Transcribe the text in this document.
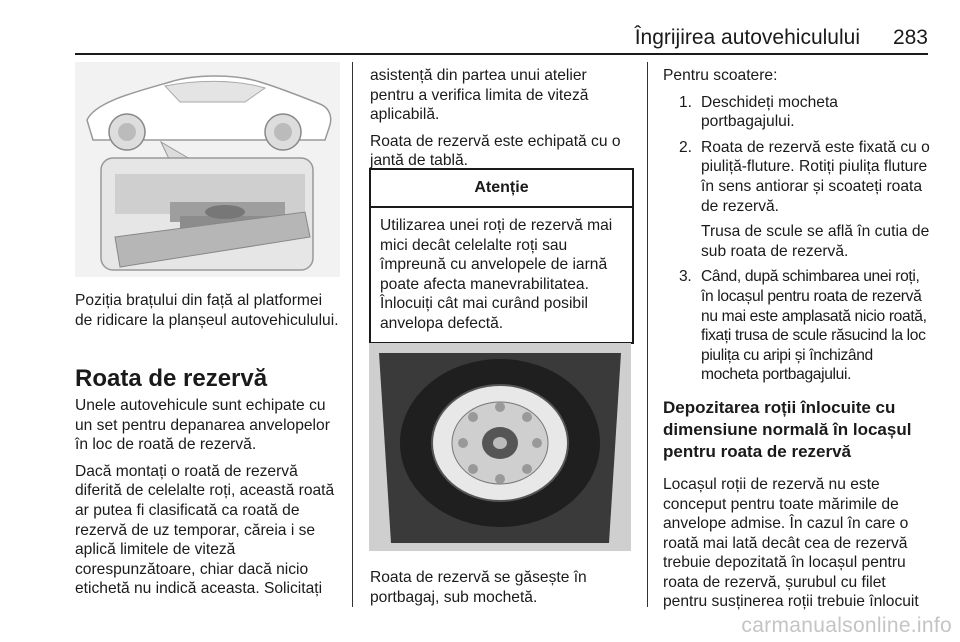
Îngrijirea autovehiculului	283

Poziția brațului din față al platformei de ridicare la planșeul autovehiculului.

Roata de rezervă

Unele autovehicule sunt echipate cu un set pentru depanarea anvelopelor în loc de roată de rezervă.

Dacă montați o roată de rezervă diferită de celelalte roți, această roată ar putea fi clasificată ca roată de rezervă de uz temporar, căreia i se aplică limitele de viteză corespunzătoare, chiar dacă nicio etichetă nu indică aceasta. Solicitați

asistență din partea unui atelier pentru a verifica limita de viteză aplicabilă.

Roata de rezervă este echipată cu o jantă de tablă.

Atenție
Utilizarea unei roți de rezervă mai mici decât celelalte roți sau împreună cu anvelopele de iarnă poate afecta manevrabilitatea. Înlocuiți cât mai curând posibil anvelopa defectă.

Roata de rezervă se găsește în portbagaj, sub mochetă.

Pentru scoatere:

1. Deschideți mocheta portbagajului.
2. Roata de rezervă este fixată cu o piuliță-fluture. Rotiți piulița fluture în sens antiorar și scoateți roata de rezervă.

Trusa de scule se află în cutia de sub roata de rezervă.

3. Când, după schimbarea unei roți, în locașul pentru roata de rezervă nu mai este amplasată nicio roată, fixați trusa de scule răsucind la loc piulița cu aripi și închizând mocheta portbagajului.
Depozitarea roții înlocuite cu dimensiune normală în locașul pentru roata de rezervă

Locașul roții de rezervă nu este conceput pentru toate mărimile de anvelope admise. În cazul în care o roată mai lată decât cea de rezervă trebuie depozitată în locașul pentru roata de rezervă, șurubul cu filet pentru susținerea roții trebuie înlocuit

carmanualsonline.info
